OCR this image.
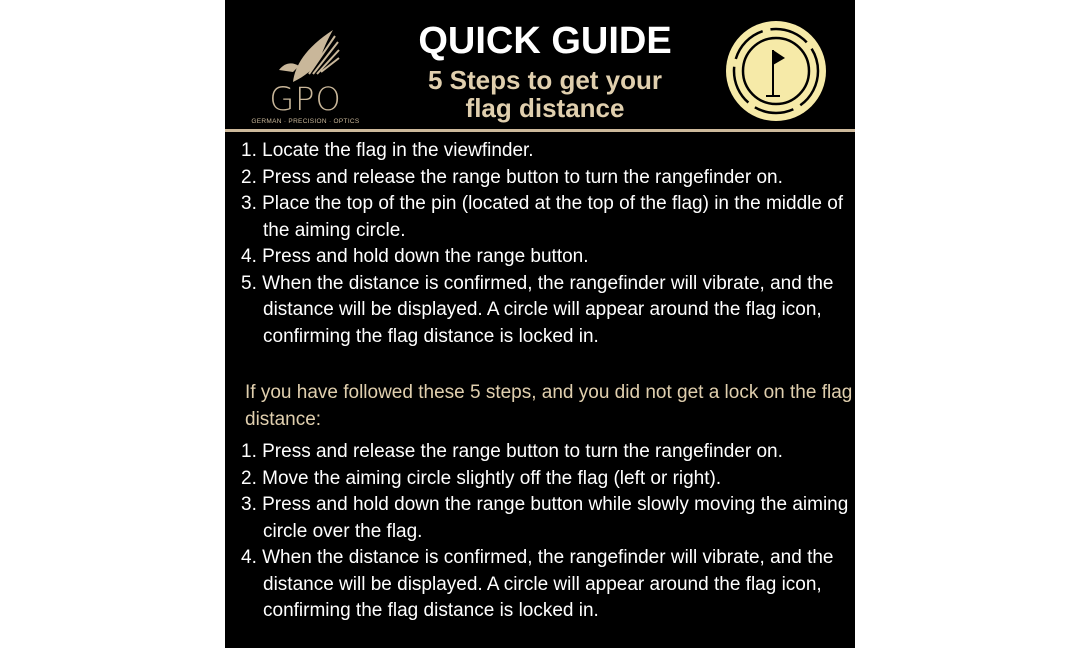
GPO
GERMAN · PRECISION · OPTICS
QUICK GUIDE
5 Steps to get your
flag distance
1. Locate the flag in the viewfinder.
2. Press and release the range button to turn the rangefinder on.
3. Place the top of the pin (located at the top of the flag) in the middle of the aiming circle.
4. Press and hold down the range button.
5. When the distance is confirmed, the rangefinder will vibrate, and the distance will be displayed. A circle will appear around the flag icon, confirming the flag distance is locked in.
If you have followed these 5 steps, and you did not get a lock on the flag distance:
1. Press and release the range button to turn the rangefinder on.
2. Move the aiming circle slightly off the flag (left or right).
3. Press and hold down the range button while slowly moving the aiming circle over the flag.
4. When the distance is confirmed, the rangefinder will vibrate, and the distance will be displayed. A circle will appear around the flag icon, confirming the flag distance is locked in.
